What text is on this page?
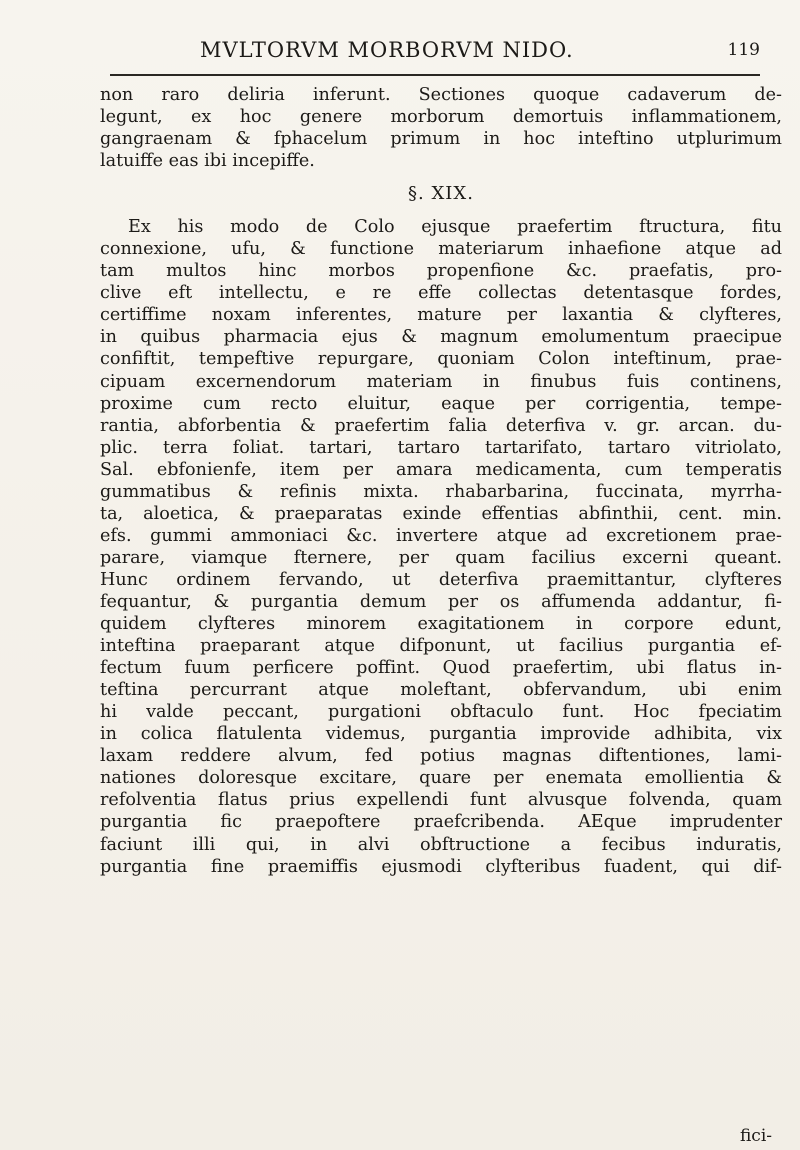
MVLTORVM MORBORVM NIDO.	119
non raro deliria inferunt. Sectiones quoque cadaverum de-
legunt, ex hoc genere morborum demortuis inflammationem,
gangraenam & fphacelum primum in hoc inteftino utplurimum
latuiffe eas ibi incepiffe.
§. XIX.
Ex his modo de Colo ejusque praefertim ftructura, fitu
connexione, ufu, & functione materiarum inhaefione atque ad
tam multos hinc morbos propenfione &c. praefatis, pro-
clive eft intellectu, e re effe collectas detentasque fordes,
certiffime noxam inferentes, mature per laxantia & clyfteres,
in quibus pharmacia ejus & magnum emolumentum praecipue
confiftit, tempeftive repurgare, quoniam Colon inteftinum, prae-
cipuam excernendorum materiam in finubus fuis continens,
proxime cum recto eluitur, eaque per corrigentia, tempe-
rantia, abforbentia & praefertim falia deterfiva v. gr. arcan. du-
plic. terra foliat. tartari, tartaro tartarifato, tartaro vitriolato,
Sal. ebfonienfe, item per amara medicamenta, cum temperatis
gummatibus & refinis mixta. rhabarbarina, fuccinata, myrrha-
ta, aloetica, & praeparatas exinde effentias abfinthii, cent. min.
efs. gummi ammoniaci &c. invertere atque ad excretionem prae-
parare, viamque fternere, per quam facilius excerni queant.
Hunc ordinem fervando, ut deterfiva praemittantur, clyfteres
fequantur, & purgantia demum per os affumenda addantur, fi-
quidem clyfteres minorem exagitationem in corpore edunt,
inteftina praeparant atque difponunt, ut facilius purgantia ef-
fectum fuum perficere poffint. Quod praefertim, ubi flatus in-
teftina percurrant atque moleftant, obfervandum, ubi enim
hi valde peccant, purgationi obftaculo funt. Hoc fpeciatim
in colica flatulenta videmus, purgantia improvide adhibita, vix
laxam reddere alvum, fed potius magnas diftentiones, lami-
nationes doloresque excitare, quare per enemata emollientia &
refolventia flatus prius expellendi funt alvusque folvenda, quam
purgantia fic praepoftere praefcribenda. AEque imprudenter
faciunt illi qui, in alvi obftructione a fecibus induratis,
purgantia fine praemiffis ejusmodi clyfteribus fuadent, qui dif-
fici-
